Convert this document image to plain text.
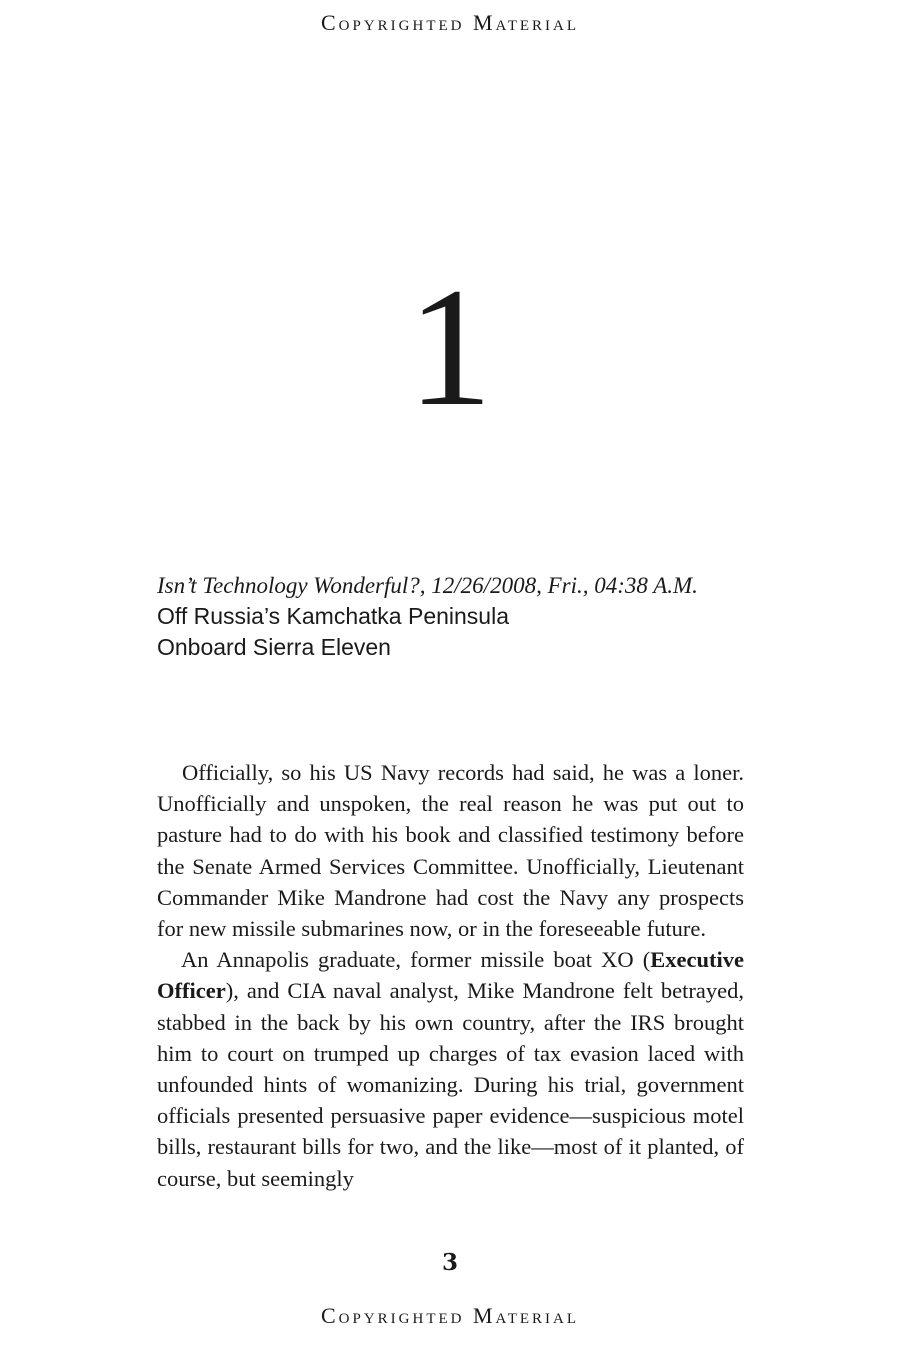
Copyrighted Material
1

Isn’t Technology Wonderful?, 12/26/2008, Fri., 04:38 A.M.

Off Russia’s Kamchatka Peninsula

Onboard Sierra Eleven

Officially, so his US Navy records had said, he was a loner. Unofficially and unspoken, the real reason he was put out to pasture had to do with his book and classified testimony before the Senate Armed Services Committee. Unofficially, Lieutenant Commander Mike Mandrone had cost the Navy any prospects for new missile submarines now, or in the foreseeable future.

An Annapolis graduate, former missile boat XO (Executive Officer), and CIA naval analyst, Mike Mandrone felt betrayed, stabbed in the back by his own country, after the IRS brought him to court on trumped up charges of tax evasion laced with unfounded hints of womanizing. During his trial, government officials presented persuasive paper evidence—suspicious motel bills, restaurant bills for two, and the like—most of it planted, of course, but seemingly

3
Copyrighted Material
